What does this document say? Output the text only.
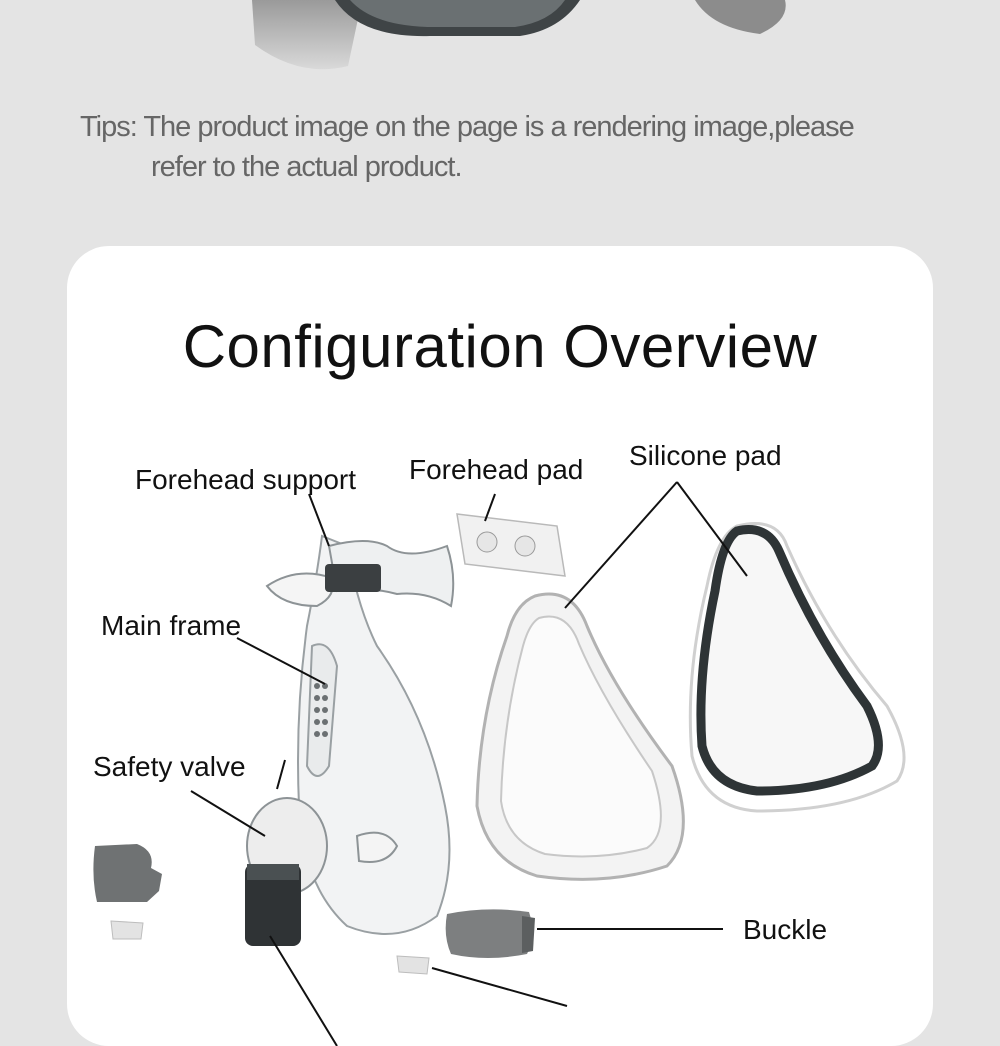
Tips: The product image on the page is a rendering image,please
refer to the actual product.
Configuration Overview
Forehead support Forehead pad Silicone pad
Main frame
Safety valve
Buckle
